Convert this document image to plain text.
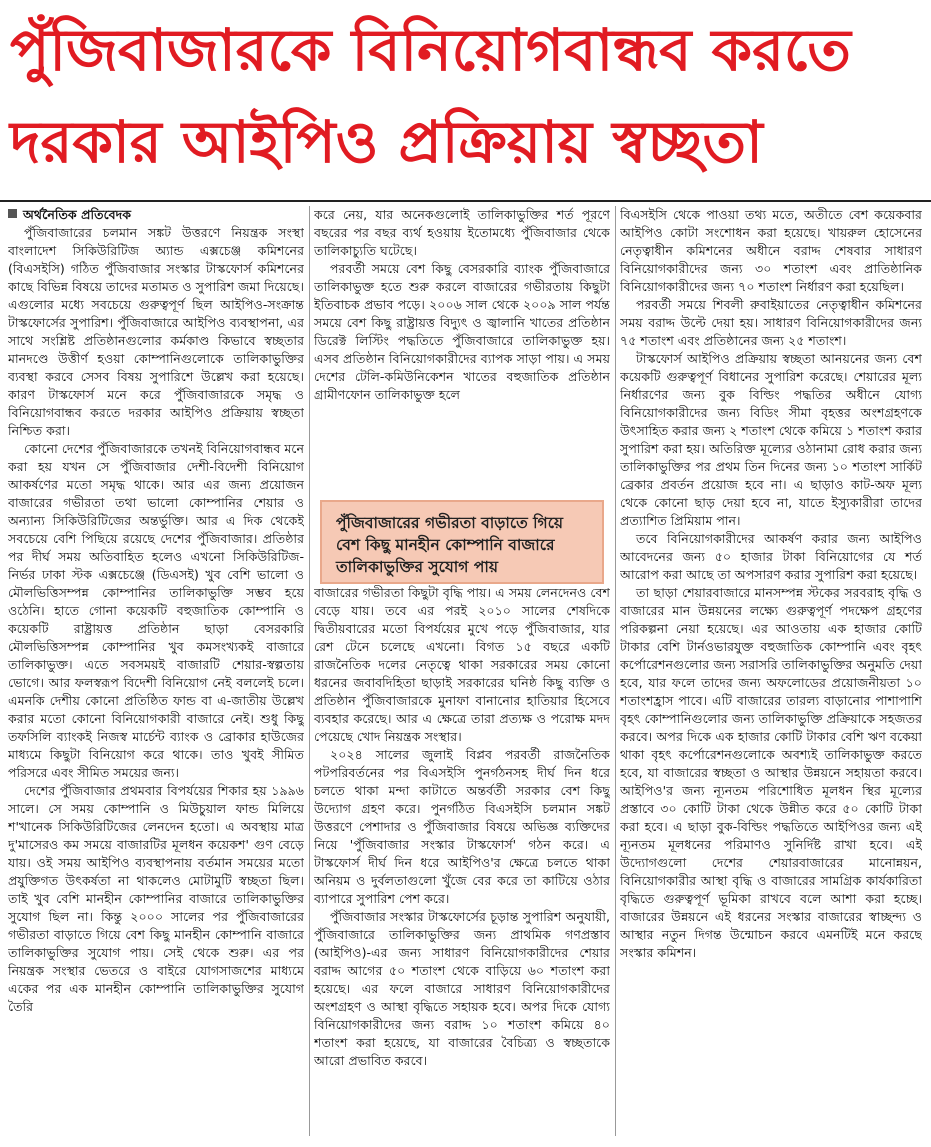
পুঁজিবাজারকে বিনিয়োগবান্ধব করতে
দরকার আইপিও প্রক্রিয়ায় স্বচ্ছতা

অর্থনৈতিক প্রতিবেদক

পুঁজিবাজারের চলমান সঙ্কট উত্তরণে নিয়ন্ত্রক সংস্থা বাংলাদেশ সিকিউরিটিজ অ্যান্ড এক্সচেঞ্জ কমিশনের (বিএসইসি) গঠিত পুঁজিবাজার সংস্কার টাস্কফোর্স কমিশনের কাছে বিভিন্ন বিষয়ে তাদের মতামত ও সুপারিশ জমা দিয়েছে। এগুলোর মধ্যে সবচেয়ে গুরুত্বপূর্ণ ছিল আইপিও-সংক্রান্ত টাস্কফোর্সের সুপারিশ। পুঁজিবাজারে আইপিও ব্যবস্থাপনা, এর সাথে সংশ্লিষ্ট প্রতিষ্ঠানগুলোর কর্মকাণ্ড কিভাবে স্বচ্ছতার মানদণ্ডে উত্তীর্ণ হওয়া কোম্পানিগুলোকে তালিকাভুক্তির ব্যবস্থা করবে সেসব বিষয় সুপারিশে উল্লেখ করা হয়েছে। কারণ টাস্কফোর্স মনে করে পুঁজিবাজারকে সমৃদ্ধ ও বিনিয়োগবান্ধব করতে দরকার আইপিও প্রক্রিয়ায় স্বচ্ছতা নিশ্চিত করা।

কোনো দেশের পুঁজিবাজারকে তখনই বিনিয়োগবান্ধব মনে করা হয় যখন সে পুঁজিবাজার দেশী-বিদেশী বিনিয়োগ আকর্ষণের মতো সমৃদ্ধ থাকে। আর এর জন্য প্রয়োজন বাজারের গভীরতা তথা ভালো কোম্পানির শেয়ার ও অন্যান্য সিকিউরিটিজের অন্তর্ভুক্তি। আর এ দিক থেকেই সবচেয়ে বেশি পিছিয়ে রয়েছে দেশের পুঁজিবাজার। প্রতিষ্ঠার পর দীর্ঘ সময় অতিবাহিত হলেও এখনো সিকিউরিটিজ-নির্ভর ঢাকা স্টক এক্সচেঞ্জে (ডিএসই) খুব বেশি ভালো ও মৌলভিত্তিসম্পন্ন কোম্পানির তালিকাভুক্তি সম্ভব হয়ে ওঠেনি। হাতে গোনা কয়েকটি বহুজাতিক কোম্পানি ও কয়েকটি রাষ্ট্রায়ত্ত প্রতিষ্ঠান ছাড়া বেসরকারি মৌলভিত্তিসম্পন্ন কোম্পানির খুব কমসংখ্যকই বাজারে তালিকাভুক্ত। এতে সবসময়ই বাজারটি শেয়ার-স্বল্পতায় ভোগে। আর ফলস্বরূপ বিদেশী বিনিয়োগ নেই বললেই চলে। এমনকি দেশীয় কোনো প্রতিষ্ঠিত ফান্ড বা এ-জাতীয় উল্লেখ করার মতো কোনো বিনিয়োগকারী বাজারে নেই। শুধু কিছু তফসিলি ব্যাংকই নিজস্ব মার্চেন্ট ব্যাংক ও ব্রোকার হাউজের মাধ্যমে কিছুটা বিনিয়োগ করে থাকে। তাও খুবই সীমিত পরিসরে এবং সীমিত সময়ের জন্য।

দেশের পুঁজিবাজার প্রথমবার বিপর্যয়ের শিকার হয় ১৯৯৬ সালে। সে সময় কোম্পানি ও মিউচুয়াল ফান্ড মিলিয়ে শ'খানেক সিকিউরিটিজের লেনদেন হতো। এ অবস্থায় মাত্র দু'মাসেরও কম সময়ে বাজারটির মূলধন কয়েকশ' গুণ বেড়ে যায়। ওই সময় আইপিও ব্যবস্থাপনায় বর্তমান সময়ের মতো প্রযুক্তিগত উৎকর্ষতা না থাকলেও মোটামুটি স্বচ্ছতা ছিল। তাই খুব বেশি মানহীন কোম্পানির বাজারে তালিকাভুক্তির সুযোগ ছিল না। কিন্তু ২০০০ সালের পর পুঁজিবাজারের গভীরতা বাড়াতে গিয়ে বেশ কিছু মানহীন কোম্পানি বাজারে তালিকাভুক্তির সুযোগ পায়। সেই থেকে শুরু। এর পর নিয়ন্ত্রক সংস্থার ভেতরে ও বাইরে যোগসাজশের মাধ্যমে একের পর এক মানহীন কোম্পানি তালিকাভুক্তির সুযোগ তৈরি

করে নেয়, যার অনেকগুলোই তালিকাভুক্তির শর্ত পূরণে বছরের পর বছর ব্যর্থ হওয়ায় ইতোমধ্যে পুঁজিবাজার থেকে তালিকাচ্যুতি ঘটেছে।

পরবর্তী সময়ে বেশ কিছু বেসরকারি ব্যাংক পুঁজিবাজারে তালিকাভুক্ত হতে শুরু করলে বাজারের গভীরতায় কিছুটা ইতিবাচক প্রভাব পড়ে। ২০০৬ সাল থেকে ২০০৯ সাল পর্যন্ত সময়ে বেশ কিছু রাষ্ট্রায়ত্ত বিদ্যুৎ ও জ্বালানি খাতের প্রতিষ্ঠান ডিরেক্ট লিস্টিং পদ্ধতিতে পুঁজিবাজারে তালিকাভুক্ত হয়। এসব প্রতিষ্ঠান বিনিয়োগকারীদের ব্যাপক সাড়া পায়। এ সময় দেশের টেলি-কমিউনিকেশন খাতের বহুজাতিক প্রতিষ্ঠান গ্রামীণফোন তালিকাভুক্ত হলে

পুঁজিবাজারের গভীরতা বাড়াতে গিয়ে বেশ কিছু মানহীন কোম্পানি বাজারে তালিকাভুক্তির সুযোগ পায়

বাজারের গভীরতা কিছুটা বৃদ্ধি পায়। এ সময় লেনদেনও বেশ বেড়ে যায়। তবে এর পরই ২০১০ সালের শেষদিকে দ্বিতীয়বারের মতো বিপর্যয়ের মুখে পড়ে পুঁজিবাজার, যার রেশ টেনে চলেছে এখনো। বিগত ১৫ বছরে একটি রাজনৈতিক দলের নেতৃত্বে থাকা সরকারের সময় কোনো ধরনের জবাবদিহিতা ছাড়াই সরকারের ঘনিষ্ঠ কিছু ব্যক্তি ও প্রতিষ্ঠান পুঁজিবাজারকে মুনাফা বানানোর হাতিয়ার হিসেবে ব্যবহার করেছে। আর এ ক্ষেত্রে তারা প্রত্যক্ষ ও পরোক্ষ মদদ পেয়েছে খোদ নিয়ন্ত্রক সংস্থার।

২০২৪ সালের জুলাই বিপ্লব পরবর্তী রাজনৈতিক পটপরিবর্তনের পর বিএসইসি পুনর্গঠনসহ দীর্ঘ দিন ধরে চলতে থাকা মন্দা কাটাতে অন্তর্বর্তী সরকার বেশ কিছু উদ্যোগ গ্রহণ করে। পুনর্গঠিত বিএসইসি চলমান সঙ্কট উত্তরণে পেশাদার ও পুঁজিবাজার বিষয়ে অভিজ্ঞ ব্যক্তিদের নিয়ে 'পুঁজিবাজার সংস্কার টাস্কফোর্স' গঠন করে। এ টাস্কফোর্স দীর্ঘ দিন ধরে আইপিও'র ক্ষেত্রে চলতে থাকা অনিয়ম ও দুর্বলতাগুলো খুঁজে বের করে তা কাটিয়ে ওঠার ব্যাপারে সুপারিশ পেশ করে।

পুঁজিবাজার সংস্কার টাস্কফোর্সের চূড়ান্ত সুপারিশ অনুযায়ী, পুঁজিবাজারে তালিকাভুক্তির জন্য প্রাথমিক গণপ্রস্তাব (আইপিও)-এর জন্য সাধারণ বিনিয়োগকারীদের শেয়ার বরাদ্দ আগের ৫০ শতাংশ থেকে বাড়িয়ে ৬০ শতাংশ করা হয়েছে। এর ফলে বাজারে সাধারণ বিনিয়োগকারীদের অংশগ্রহণ ও আস্থা বৃদ্ধিতে সহায়ক হবে। অপর দিকে যোগ্য বিনিয়োগকারীদের জন্য বরাদ্দ ১০ শতাংশ কমিয়ে ৪০ শতাংশ করা হয়েছে, যা বাজারের বৈচিত্র্য ও স্বচ্ছতাকে আরো প্রভাবিত করবে।

বিএসইসি থেকে পাওয়া তথ্য মতে, অতীতে বেশ কয়েকবার আইপিও কোটা সংশোধন করা হয়েছে। খায়রুল হোসেনের নেতৃত্বাধীন কমিশনের অধীনে বরাদ্দ শেষবার সাধারণ বিনিয়োগকারীদের জন্য ৩০ শতাংশ এবং প্রাতিষ্ঠানিক বিনিয়োগকারীদের জন্য ৭০ শতাংশ নির্ধারণ করা হয়েছিল।

পরবর্তী সময়ে শিবলী রুবাইয়াতের নেতৃত্বাধীন কমিশনের সময় বরাদ্দ উল্টে দেয়া হয়। সাধারণ বিনিয়োগকারীদের জন্য ৭৫ শতাংশ এবং প্রতিষ্ঠানের জন্য ২৫ শতাংশ।

টাস্কফোর্স আইপিও প্রক্রিয়ায় স্বচ্ছতা আনয়নের জন্য বেশ কয়েকটি গুরুত্বপূর্ণ বিধানের সুপারিশ করেছে। শেয়ারের মূল্য নির্ধারণের জন্য বুক বিল্ডিং পদ্ধতির অধীনে যোগ্য বিনিয়োগকারীদের জন্য বিডিং সীমা বৃহত্তর অংশগ্রহণকে উৎসাহিত করার জন্য ২ শতাংশ থেকে কমিয়ে ১ শতাংশ করার সুপারিশ করা হয়। অতিরিক্ত মূল্যের ওঠানামা রোধ করার জন্য তালিকাভুক্তির পর প্রথম তিন দিনের জন্য ১০ শতাংশ সার্কিট ব্রেকার প্রবর্তন প্রয়োজ হবে না। এ ছাড়াও কাট-অফ মূল্য থেকে কোনো ছাড় দেয়া হবে না, যাতে ইস্যুকারীরা তাদের প্রত্যাশিত প্রিমিয়াম পান।

তবে বিনিয়োগকারীদের আকর্ষণ করার জন্য আইপিও আবেদনের জন্য ৫০ হাজার টাকা বিনিয়োগের যে শর্ত আরোপ করা আছে তা অপসারণ করার সুপারিশ করা হয়েছে।

তা ছাড়া শেয়ারবাজারে মানসম্পন্ন স্টকের সরবরাহ বৃদ্ধি ও বাজারের মান উন্নয়নের লক্ষ্যে গুরুত্বপূর্ণ পদক্ষেপ গ্রহণের পরিকল্পনা নেয়া হয়েছে। এর আওতায় এক হাজার কোটি টাকার বেশি টার্নওভারযুক্ত বহুজাতিক কোম্পানি এবং বৃহৎ কর্পোরেশনগুলোর জন্য সরাসরি তালিকাভুক্তির অনুমতি দেয়া হবে, যার ফলে তাদের জন্য অফলোডের প্রয়োজনীয়তা ১০ শতাংশহ্রাস পাবে। এটি বাজারের তারল্য বাড়ানোর পাশাপাশি বৃহৎ কোম্পানিগুলোর জন্য তালিকাভুক্তি প্রক্রিয়াকে সহজতর করবে। অপর দিকে এক হাজার কোটি টাকার বেশি ঋণ বকেয়া থাকা বৃহৎ কর্পোরেশনগুলোকে অবশ্যই তালিকাভুক্ত করতে হবে, যা বাজারের স্বচ্ছতা ও আস্থার উন্নয়নে সহায়তা করবে। আইপিও'র জন্য ন্যূনতম পরিশোধিত মূলধন স্থির মূল্যের প্রস্তাবে ৩০ কোটি টাকা থেকে উন্নীত করে ৫০ কোটি টাকা করা হবে। এ ছাড়া বুক-বিল্ডিং পদ্ধতিতে আইপিওর জন্য এই ন্যূনতম মূলধনের পরিমাণও সুনির্দিষ্ট রাখা হবে। এই উদ্যোগগুলো দেশের শেয়ারবাজারের মানোন্নয়ন, বিনিয়োগকারীর আস্থা বৃদ্ধি ও বাজারের সামগ্রিক কার্যকারিতা বৃদ্ধিতে গুরুত্বপূর্ণ ভূমিকা রাখবে বলে আশা করা হচ্ছে। বাজারের উন্নয়নে এই ধরনের সংস্কার বাজারের স্বাচ্ছন্দ্য ও আস্থার নতুন দিগন্ত উন্মোচন করবে এমনটিই মনে করছে সংস্কার কমিশন।
